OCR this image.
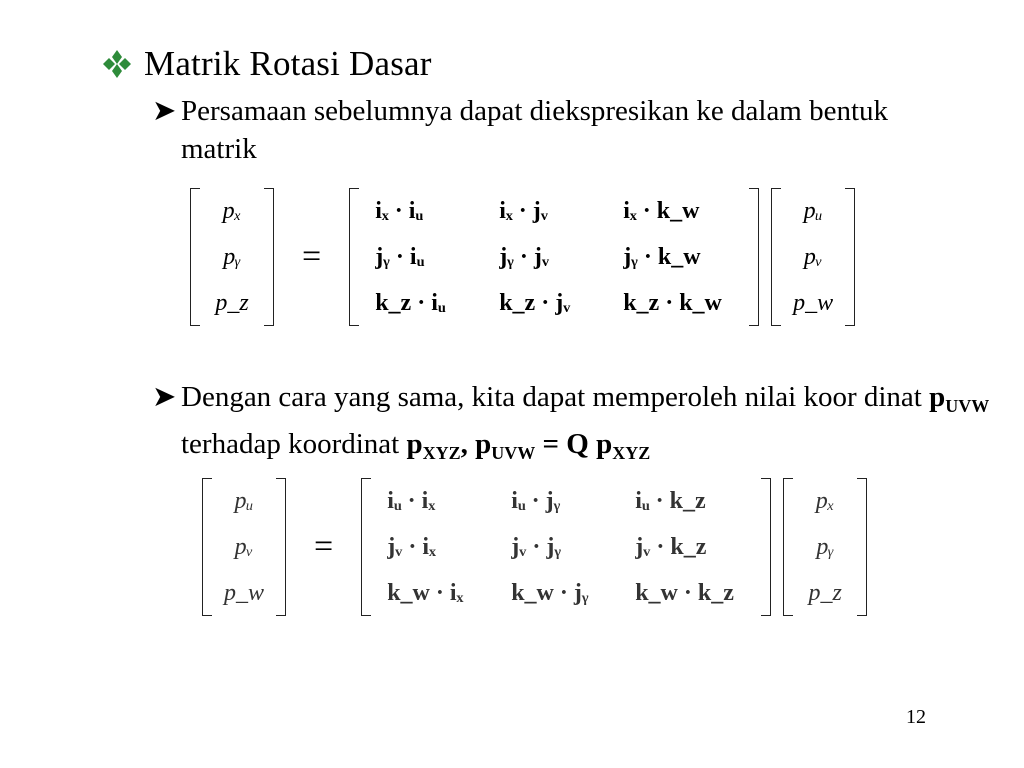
Matrik Rotasi Dasar
➤ Persamaan sebelumnya dapat diekspresikan ke dalam bentuk matrik
pₓ
pᵧ
p_z
=
iₓ · iᵤ	iₓ · jᵥ	iₓ · k_w
jᵧ · iᵤ	jᵧ · jᵥ	jᵧ · k_w
k_z · iᵤ	k_z · jᵥ	k_z · k_w
pᵤ
pᵥ
p_w
➤ Dengan cara yang sama, kita dapat memperoleh nilai koor dinat $p_{UVW}$ terhadap koordinat $p_{XYZ}$, $p_{UVW} = Q$ $p_{XYZ}$
pᵤ
pᵥ
p_w
=
iᵤ · iₓ	iᵤ · jᵧ	iᵤ · k_z
jᵥ · iₓ	jᵥ · jᵧ	jᵥ · k_z
k_w · iₓ	k_w · jᵧ	k_w · k_z
pₓ
pᵧ
p_z
12
